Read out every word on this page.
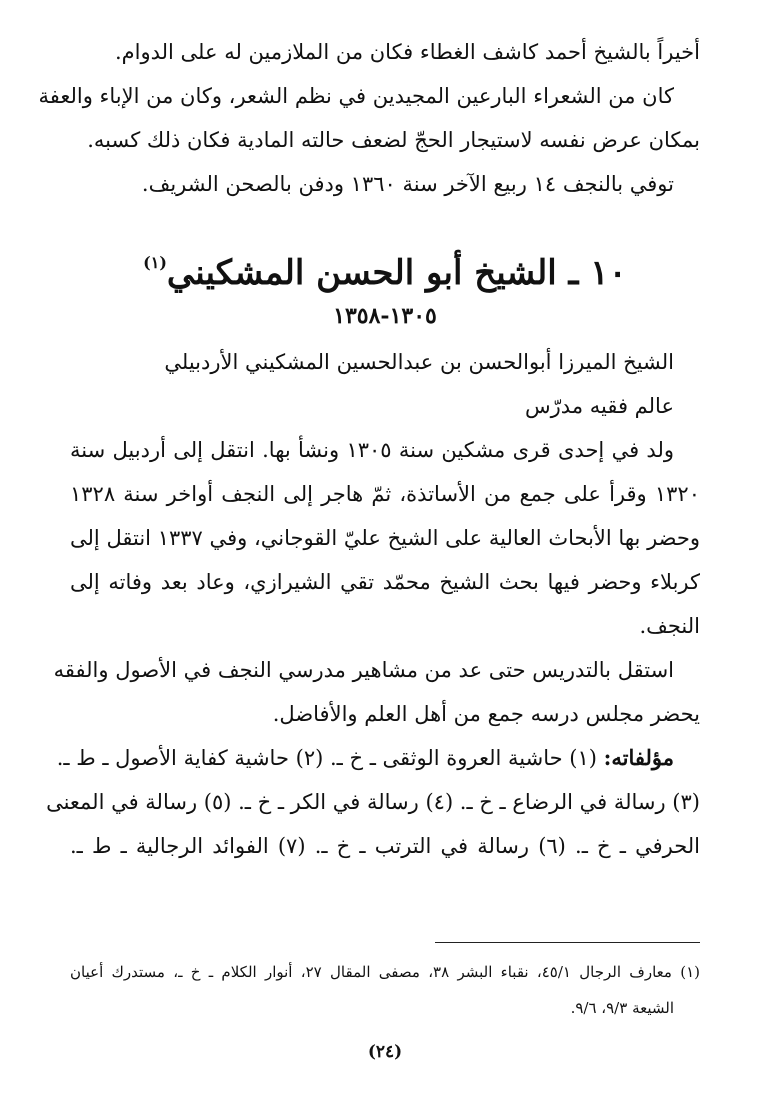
أخيراً بالشيخ أحمد كاشف الغطاء فكان من الملازمين له على الدوام.
كان من الشعراء البارعين المجيدين في نظم الشعر، وكان من الإباء والعفة
بمكان عرض نفسه لاستيجار الحجّ لضعف حالته المادية فكان ذلك كسبه.
توفي بالنجف ١٤ ربيع الآخر سنة ١٣٦٠ ودفن بالصحن الشريف.
١٠ ـ الشيخ أبو الحسن المشكيني$^{(١)}$
١٣٠٥-١٣٥٨
الشيخ الميرزا أبوالحسن بن عبدالحسين المشكيني الأردبيلي
عالم فقيه مدرّس
ولد في إحدى قرى مشكين سنة ١٣٠٥ ونشأ بها. انتقل إلى أردبيل سنة
١٣٢٠ وقرأ على جمع من الأساتذة، ثمّ هاجر إلى النجف أواخر سنة ١٣٢٨
وحضر بها الأبحاث العالية على الشيخ عليّ القوجاني، وفي ١٣٣٧ انتقل إلى
كربلاء وحضر فيها بحث الشيخ محمّد تقي الشيرازي، وعاد بعد وفاته إلى
النجف.
استقل بالتدريس حتى عد من مشاهير مدرسي النجف في الأصول والفقه
يحضر مجلس درسه جمع من أهل العلم والأفاضل.
مؤلفاته: (١) حاشية العروة الوثقى ـ خ ـ. (٢) حاشية كفاية الأصول ـ ط ـ.
(٣) رسالة في الرضاع ـ خ ـ. (٤) رسالة في الكر ـ خ ـ. (٥) رسالة في المعنى
الحرفي ـ خ ـ. (٦) رسالة في الترتب ـ خ ـ. (٧) الفوائد الرجالية ـ ط ـ.
(١) معارف الرجال ٤٥/١، نقباء البشر ٣٨، مصفى المقال ٢٧، أنوار الكلام ـ خ ـ، مستدرك أعيان
الشيعة ٩/٣، ٩/٦.
(٢٤)
